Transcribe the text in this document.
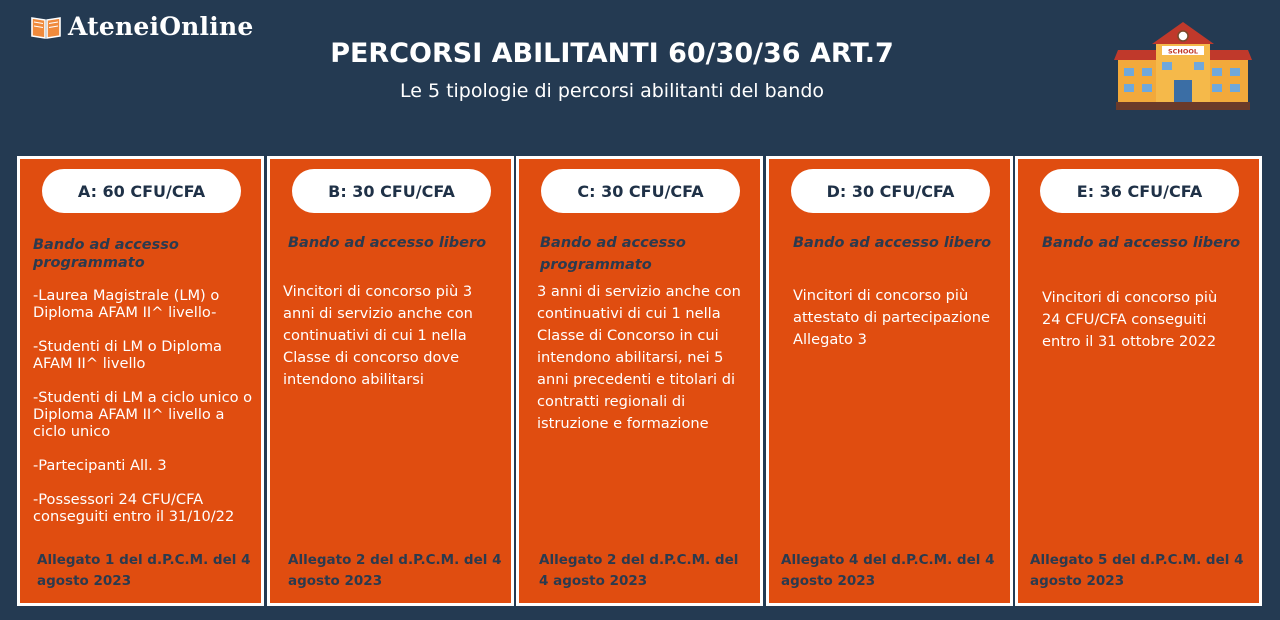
AteneiOnline
PERCORSI ABILITANTI 60/30/36 ART.7
Le 5 tipologie di percorsi abilitanti del bando
SCHOOL
A: 60 CFU/CFA
Bando ad accesso programmato

-Laurea Magistrale (LM) o Diploma AFAM II^ livello-

-Studenti di LM o Diploma AFAM II^ livello

-Studenti di LM a ciclo unico o Diploma AFAM II^ livello a ciclo unico

-Partecipanti All. 3

-Possessori 24 CFU/CFA conseguiti entro il 31/10/22

Allegato 1 del d.P.C.M. del 4 agosto 2023
B: 30 CFU/CFA
Bando ad accesso libero
Vincitori di concorso più 3 anni di servizio anche con continuativi di cui 1 nella Classe di concorso dove intendono abilitarsi
Allegato 2 del d.P.C.M. del 4 agosto 2023
C: 30 CFU/CFA
Bando ad accesso programmato
3 anni di servizio anche con continuativi di cui 1 nella Classe di Concorso in cui intendono abilitarsi, nei 5 anni precedenti e titolari di contratti regionali di istruzione e formazione
Allegato 2 del d.P.C.M. del 4 agosto 2023
D: 30 CFU/CFA
Bando ad accesso libero
Vincitori di concorso più attestato di partecipazione Allegato 3
Allegato 4 del d.P.C.M. del 4 agosto 2023
E: 36 CFU/CFA
Bando ad accesso libero
Vincitori di concorso più 24 CFU/CFA conseguiti entro il 31 ottobre 2022
Allegato 5 del d.P.C.M. del 4 agosto 2023
